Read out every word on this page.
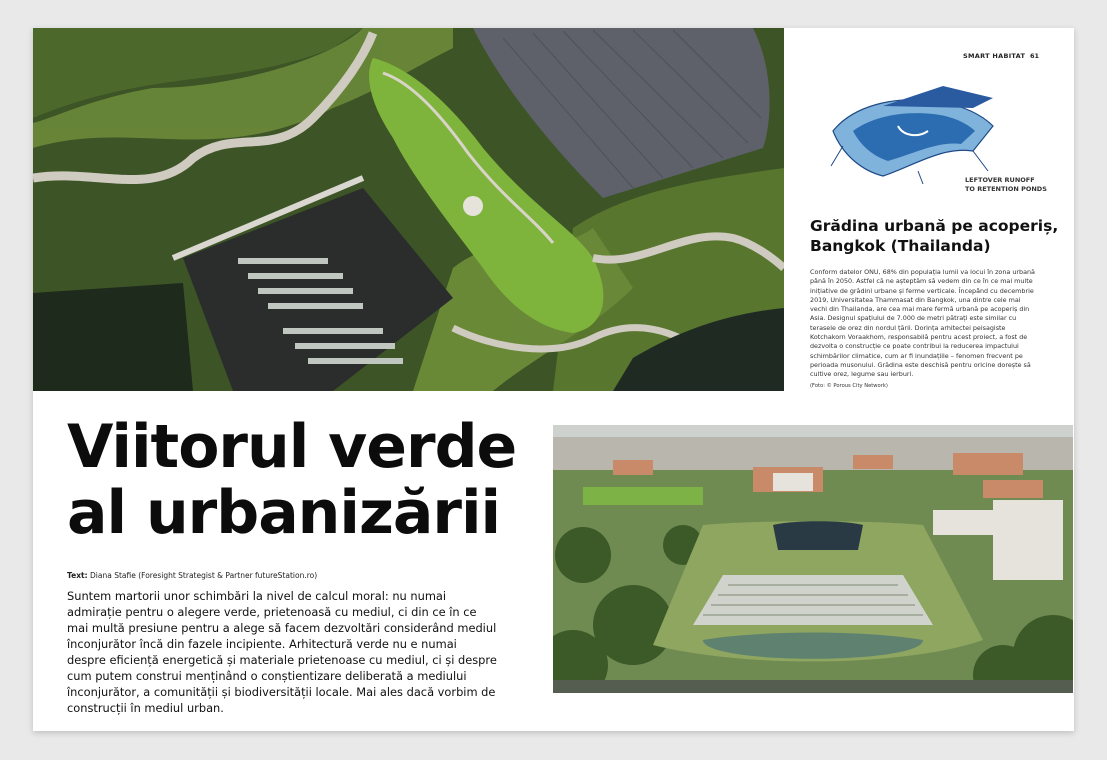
SMART HABITAT 61
LEFTOVER RUNOFF
TO RETENTION PONDS
Grădina urbană pe acoperiș,
Bangkok (Thailanda)
Conform datelor ONU, 68% din populația lumii va locui în zona urbană până în 2050. Astfel că ne așteptăm să vedem din ce în ce mai multe inițiative de grădini urbane și ferme verticale. Începând cu decembrie 2019, Universitatea Thammasat din Bangkok, una dintre cele mai vechi din Thailanda, are cea mai mare fermă urbană pe acoperiș din Asia. Designul spațiului de 7.000 de metri pătrați este similar cu terasele de orez din nordul țării. Dorința arhitectei peisagiste Kotchakorn Voraakhom, responsabilă pentru acest proiect, a fost de dezvolta o construcție ce poate contribui la reducerea impactului schimbărilor climatice, cum ar fi inundațiile – fenomen frecvent pe perioada musonului. Grădina este deschisă pentru oricine dorește să cultive orez, legume sau ierburi.
(Foto: © Porous City Network)
Viitorul verde
al urbanizării
Text: Diana Stafie (Foresight Strategist & Partner futureStation.ro)
Suntem martorii unor schimbări la nivel de calcul moral: nu numai admirație pentru o alegere verde, prietenoasă cu mediul, ci din ce în ce mai multă presiune pentru a alege să facem dezvoltări considerând mediul înconjurător încă din fazele incipiente. Arhitectură verde nu e numai despre eficiență energetică și materiale prietenoase cu mediul, ci și despre cum putem construi menținând o conștientizare deliberată a mediului înconjurător, a comunității și biodiversității locale. Mai ales dacă vorbim de construcții în mediul urban.
